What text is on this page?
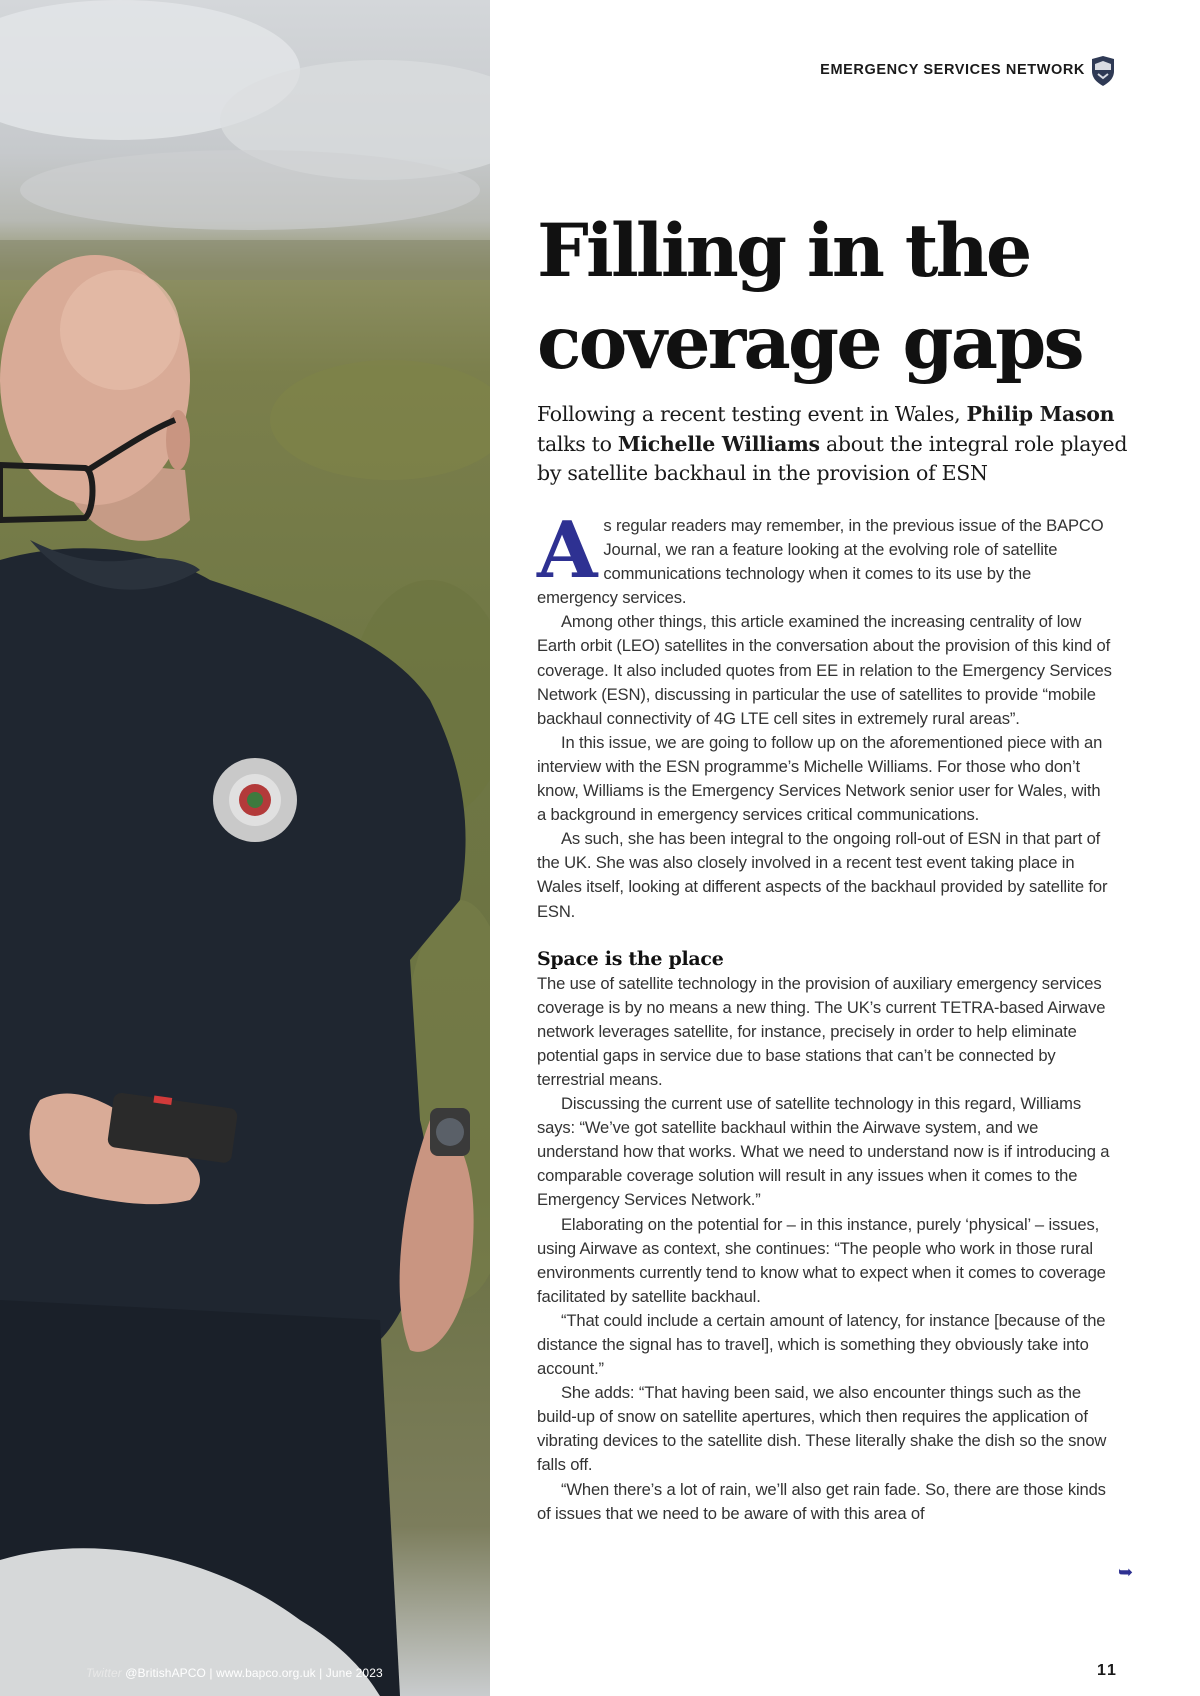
Twitter @BritishAPCO | www.bapco.org.uk | June 2023
EMERGENCY SERVICES NETWORK
Filling in the
coverage gaps

Following a recent testing event in Wales, Philip Mason talks to Michelle Williams about the integral role played by satellite backhaul in the provision of ESN

As regular readers may remember, in the previous issue of the BAPCO Journal, we ran a feature looking at the evolving role of satellite communications technology when it comes to its use by the emergency services.

Among other things, this article examined the increasing centrality of low Earth orbit (LEO) satellites in the conversation about the provision of this kind of coverage. It also included quotes from EE in relation to the Emergency Services Network (ESN), discussing in particular the use of satellites to provide “mobile backhaul connectivity of 4G LTE cell sites in extremely rural areas”.

In this issue, we are going to follow up on the aforementioned piece with an interview with the ESN programme’s Michelle Williams. For those who don’t know, Williams is the Emergency Services Network senior user for Wales, with a background in emergency services critical communications.

As such, she has been integral to the ongoing roll-out of ESN in that part of the UK. She was also closely involved in a recent test event taking place in Wales itself, looking at different aspects of the backhaul provided by satellite for ESN.

Space is the place

The use of satellite technology in the provision of auxiliary emergency services coverage is by no means a new thing. The UK’s current TETRA-based Airwave network leverages satellite, for instance, precisely in order to help eliminate potential gaps in service due to base stations that can’t be connected by terrestrial means.

Discussing the current use of satellite technology in this regard, Williams says: “We’ve got satellite backhaul within the Airwave system, and we understand how that works. What we need to understand now is if introducing a comparable coverage solution will result in any issues when it comes to the Emergency Services Network.”

Elaborating on the potential for – in this instance, purely ‘physical’ – issues, using Airwave as context, she continues: “The people who work in those rural environments currently tend to know what to expect when it comes to coverage facilitated by satellite backhaul.

“That could include a certain amount of latency, for instance [because of the distance the signal has to travel], which is something they obviously take into account.”

She adds: “That having been said, we also encounter things such as the build-up of snow on satellite apertures, which then requires the application of vibrating devices to the satellite dish. These literally shake the dish so the snow falls off.

“When there’s a lot of rain, we’ll also get rain fade. So, there are those kinds of issues that we need to be aware of with this area of

➥
11
